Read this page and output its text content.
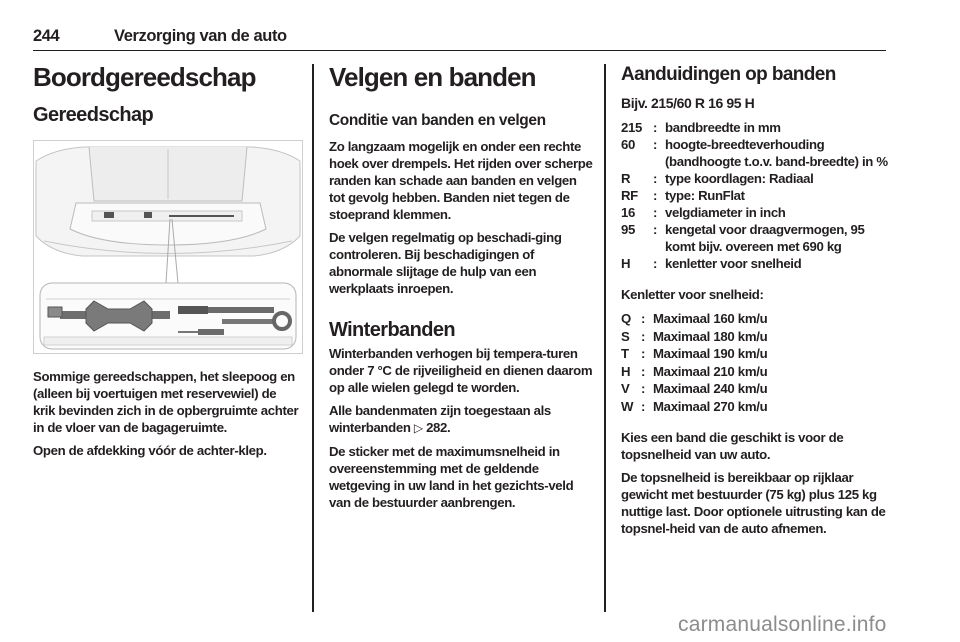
244	Verzorging van de auto
Boordgereedschap
Gereedschap

Sommige gereedschappen, het sleepoog en (alleen bij voertuigen met reservewiel) de krik bevinden zich in de opbergruimte achter in de vloer van de bagageruimte.

Open de afdekking vóór de achter-klep.

Velgen en banden
Conditie van banden en velgen

Zo langzaam mogelijk en onder een rechte hoek over drempels. Het rijden over scherpe randen kan schade aan banden en velgen tot gevolg hebben. Banden niet tegen de stoeprand klemmen.

De velgen regelmatig op beschadi-ging controleren. Bij beschadigingen of abnormale slijtage de hulp van een werkplaats inroepen.

Winterbanden

Winterbanden verhogen bij tempera-turen onder 7 °C de rijveiligheid en dienen daarom op alle wielen gelegd te worden.

Alle bandenmaten zijn toegestaan als winterbanden ▷ 282.

De sticker met de maximumsnelheid in overeenstemming met de geldende wetgeving in uw land in het gezichts-veld van de bestuurder aanbrengen.

Aanduidingen op banden
Bijv. 215/60 R 16 95 H
215 : bandbreedte in mm
60	: hoogte-breedteverhouding (bandhoogte t.o.v. band-breedte) in %
R	: type koordlagen: Radiaal
RF	: type: RunFlat
16	: velgdiameter in inch
95	: kengetal voor draagvermogen, 95 komt bijv. overeen met 690 kg
H	: kenletter voor snelheid

Kenletter voor snelheid:

Q : Maximaal 160 km/u
S : Maximaal 180 km/u
T : Maximaal 190 km/u
H : Maximaal 210 km/u
V : Maximaal 240 km/u
W : Maximaal 270 km/u

Kies een band die geschikt is voor de topsnelheid van uw auto.

De topsnelheid is bereikbaar op rijklaar gewicht met bestuurder (75 kg) plus 125 kg nuttige last. Door optionele uitrusting kan de topsnel-heid van de auto afnemen.

carmanualsonline.info
